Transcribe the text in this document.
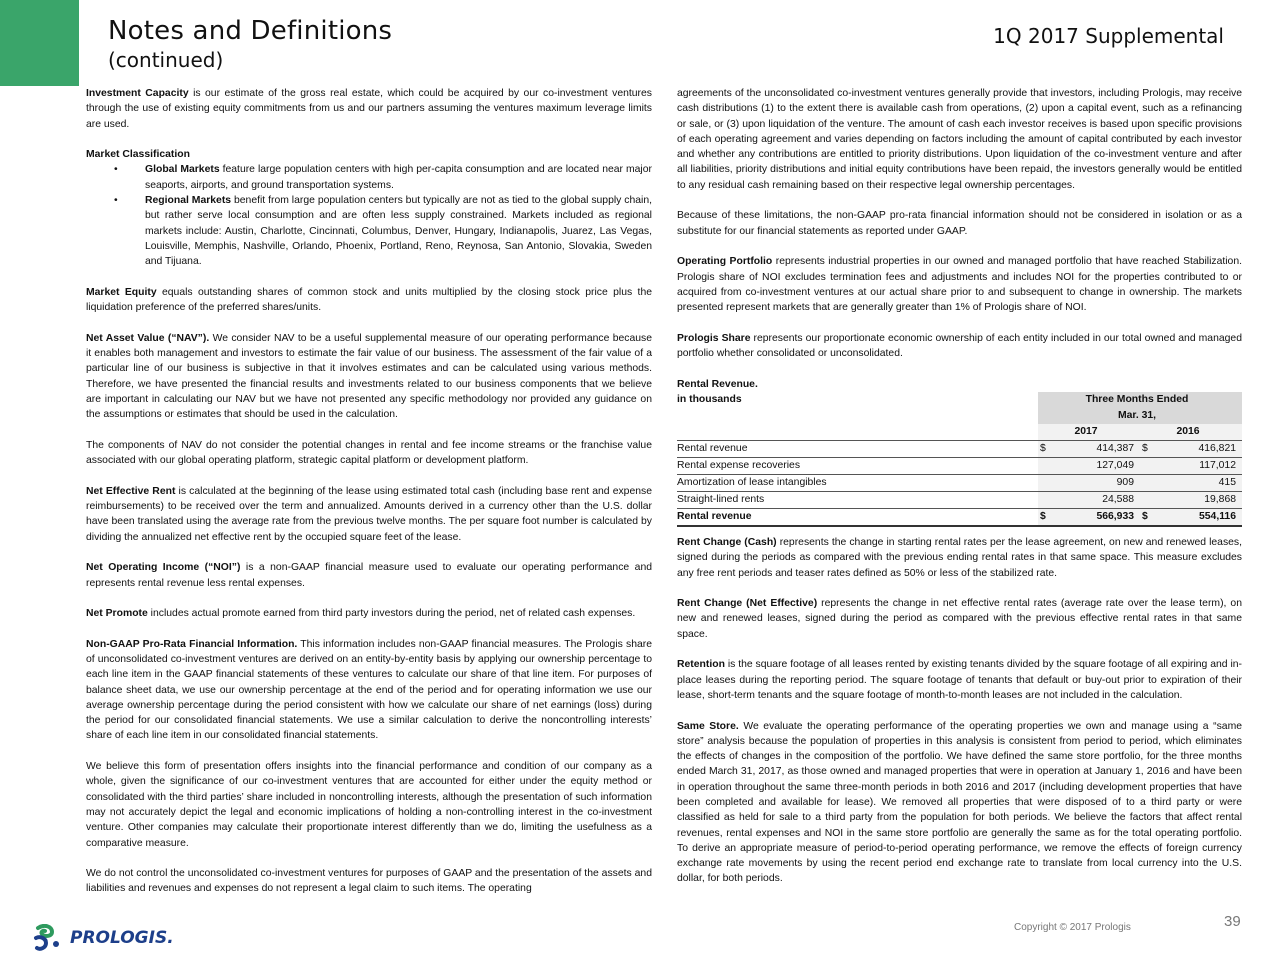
Notes and Definitions
(continued)
1Q 2017 Supplemental

Investment Capacity is our estimate of the gross real estate, which could be acquired by our co-investment ventures through the use of existing equity commitments from us and our partners assuming the ventures maximum leverage limits are used.

Market Classification

•	Global Markets feature large population centers with high per-capita consumption and are located near major seaports, airports, and ground transportation systems.
•	Regional Markets benefit from large population centers but typically are not as tied to the global supply chain, but rather serve local consumption and are often less supply constrained. Markets included as regional markets include: Austin, Charlotte, Cincinnati, Columbus, Denver, Hungary, Indianapolis, Juarez, Las Vegas, Louisville, Memphis, Nashville, Orlando, Phoenix, Portland, Reno, Reynosa, San Antonio, Slovakia, Sweden and Tijuana.

Market Equity equals outstanding shares of common stock and units multiplied by the closing stock price plus the liquidation preference of the preferred shares/units.

Net Asset Value (“NAV”). We consider NAV to be a useful supplemental measure of our operating performance because it enables both management and investors to estimate the fair value of our business. The assessment of the fair value of a particular line of our business is subjective in that it involves estimates and can be calculated using various methods. Therefore, we have presented the financial results and investments related to our business components that we believe are important in calculating our NAV but we have not presented any specific methodology nor provided any guidance on the assumptions or estimates that should be used in the calculation.

The components of NAV do not consider the potential changes in rental and fee income streams or the franchise value associated with our global operating platform, strategic capital platform or development platform.

Net Effective Rent is calculated at the beginning of the lease using estimated total cash (including base rent and expense reimbursements) to be received over the term and annualized. Amounts derived in a currency other than the U.S. dollar have been translated using the average rate from the previous twelve months. The per square foot number is calculated by dividing the annualized net effective rent by the occupied square feet of the lease.

Net Operating Income (“NOI”) is a non-GAAP financial measure used to evaluate our operating performance and represents rental revenue less rental expenses.

Net Promote includes actual promote earned from third party investors during the period, net of related cash expenses.

Non-GAAP Pro-Rata Financial Information. This information includes non-GAAP financial measures. The Prologis share of unconsolidated co-investment ventures are derived on an entity-by-entity basis by applying our ownership percentage to each line item in the GAAP financial statements of these ventures to calculate our share of that line item. For purposes of balance sheet data, we use our ownership percentage at the end of the period and for operating information we use our average ownership percentage during the period consistent with how we calculate our share of net earnings (loss) during the period for our consolidated financial statements. We use a similar calculation to derive the noncontrolling interests’ share of each line item in our consolidated financial statements.

We believe this form of presentation offers insights into the financial performance and condition of our company as a whole, given the significance of our co-investment ventures that are accounted for either under the equity method or consolidated with the third parties’ share included in noncontrolling interests, although the presentation of such information may not accurately depict the legal and economic implications of holding a non-controlling interest in the co-investment venture. Other companies may calculate their proportionate interest differently than we do, limiting the usefulness as a comparative measure.

We do not control the unconsolidated co-investment ventures for purposes of GAAP and the presentation of the assets and liabilities and revenues and expenses do not represent a legal claim to such items. The operating

agreements of the unconsolidated co-investment ventures generally provide that investors, including Prologis, may receive cash distributions (1) to the extent there is available cash from operations, (2) upon a capital event, such as a refinancing or sale, or (3) upon liquidation of the venture. The amount of cash each investor receives is based upon specific provisions of each operating agreement and varies depending on factors including the amount of capital contributed by each investor and whether any contributions are entitled to priority distributions. Upon liquidation of the co-investment venture and after all liabilities, priority distributions and initial equity contributions have been repaid, the investors generally would be entitled to any residual cash remaining based on their respective legal ownership percentages.

Because of these limitations, the non-GAAP pro-rata financial information should not be considered in isolation or as a substitute for our financial statements as reported under GAAP.

Operating Portfolio represents industrial properties in our owned and managed portfolio that have reached Stabilization. Prologis share of NOI excludes termination fees and adjustments and includes NOI for the properties contributed to or acquired from co-investment ventures at our actual share prior to and subsequent to change in ownership. The markets presented represent markets that are generally greater than 1% of Prologis share of NOI.

Prologis Share represents our proportionate economic ownership of each entity included in our total owned and managed portfolio whether consolidated or unconsolidated.

Rental Revenue.

in thousands	Three Months Ended			
	Mar. 31,			
	2017		2016	
Rental revenue	$	414,387	$	416,821
Rental expense recoveries		127,049		117,012
Amortization of lease intangibles		909		415
Straight-lined rents		24,588		19,868
Rental revenue	$	566,933	$	554,116

Rent Change (Cash) represents the change in starting rental rates per the lease agreement, on new and renewed leases, signed during the periods as compared with the previous ending rental rates in that same space. This measure excludes any free rent periods and teaser rates defined as 50% or less of the stabilized rate.

Rent Change (Net Effective) represents the change in net effective rental rates (average rate over the lease term), on new and renewed leases, signed during the period as compared with the previous effective rental rates in that same space.

Retention is the square footage of all leases rented by existing tenants divided by the square footage of all expiring and in-place leases during the reporting period. The square footage of tenants that default or buy-out prior to expiration of their lease, short-term tenants and the square footage of month-to-month leases are not included in the calculation.

Same Store. We evaluate the operating performance of the operating properties we own and manage using a “same store” analysis because the population of properties in this analysis is consistent from period to period, which eliminates the effects of changes in the composition of the portfolio. We have defined the same store portfolio, for the three months ended March 31, 2017, as those owned and managed properties that were in operation at January 1, 2016 and have been in operation throughout the same three-month periods in both 2016 and 2017 (including development properties that have been completed and available for lease). We removed all properties that were disposed of to a third party or were classified as held for sale to a third party from the population for both periods. We believe the factors that affect rental revenues, rental expenses and NOI in the same store portfolio are generally the same as for the total operating portfolio. To derive an appropriate measure of period-to-period operating performance, we remove the effects of foreign currency exchange rate movements by using the recent period end exchange rate to translate from local currency into the U.S. dollar, for both periods.

PROLOGIS.
Copyright © 2017 Prologis	39
